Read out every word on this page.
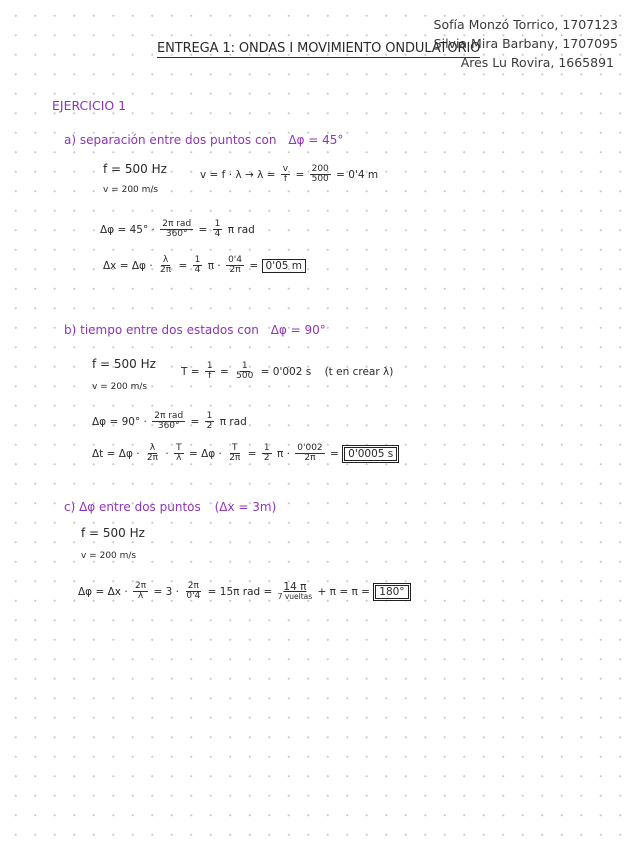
Sofía Monzó Torrico, 1707123
Silvia Mira Barbany, 1707095
Ares Lu Rovira, 1665891
ENTREGA 1: ONDAS I MOVIMIENTO ONDULATORIO
EJERCICIO 1
a) separación entre dos puntos con Δφ = 45°
f = 500 Hz
v = 200 m/s
$v = f \cdot \lambda \to \lambda = \frac{v}{f} = \frac{200}{500} = 0'4$ m
$\Delta\varphi = 45^\circ \cdot \frac{\text{2π rad}}{360^\circ} = \frac{1}{4}$ π rad
$\Delta x = \Delta\varphi \cdot \frac{\lambda}{2\pi} = \frac{1}{4}$ $\pi \cdot \frac{0'4}{2\pi} = 0'05$ m
b) tiempo entre dos estados con Δφ = 90°
f = 500 Hz
v = 200 m/s
$T = \frac{1}{f} = \frac{1}{500} = 0'002$ s (t en crear λ)
$\Delta\varphi = 90^\circ \cdot \frac{\text{2π rad}}{360^\circ} = \frac{1}{2}$ π rad
$\Delta t = \Delta\varphi \cdot \frac{\lambda}{2\pi} \cdot \frac{T}{\lambda} = \Delta\varphi \cdot \frac{T}{2\pi} = \frac{1}{2}$ $\pi \cdot \frac{0'002}{2\pi} = 0'0005$ s
c) Δφ entre dos puntos (Δx = 3m)
f = 500 Hz
v = 200 m/s
$\Delta\varphi = \Delta x \cdot \frac{2\pi}{\lambda} = 3 \cdot \frac{2\pi}{0'4} = 15\pi$ rad = $\frac{14 \pi}{\text{7 vueltas}} + \pi = \pi = 180^\circ$
